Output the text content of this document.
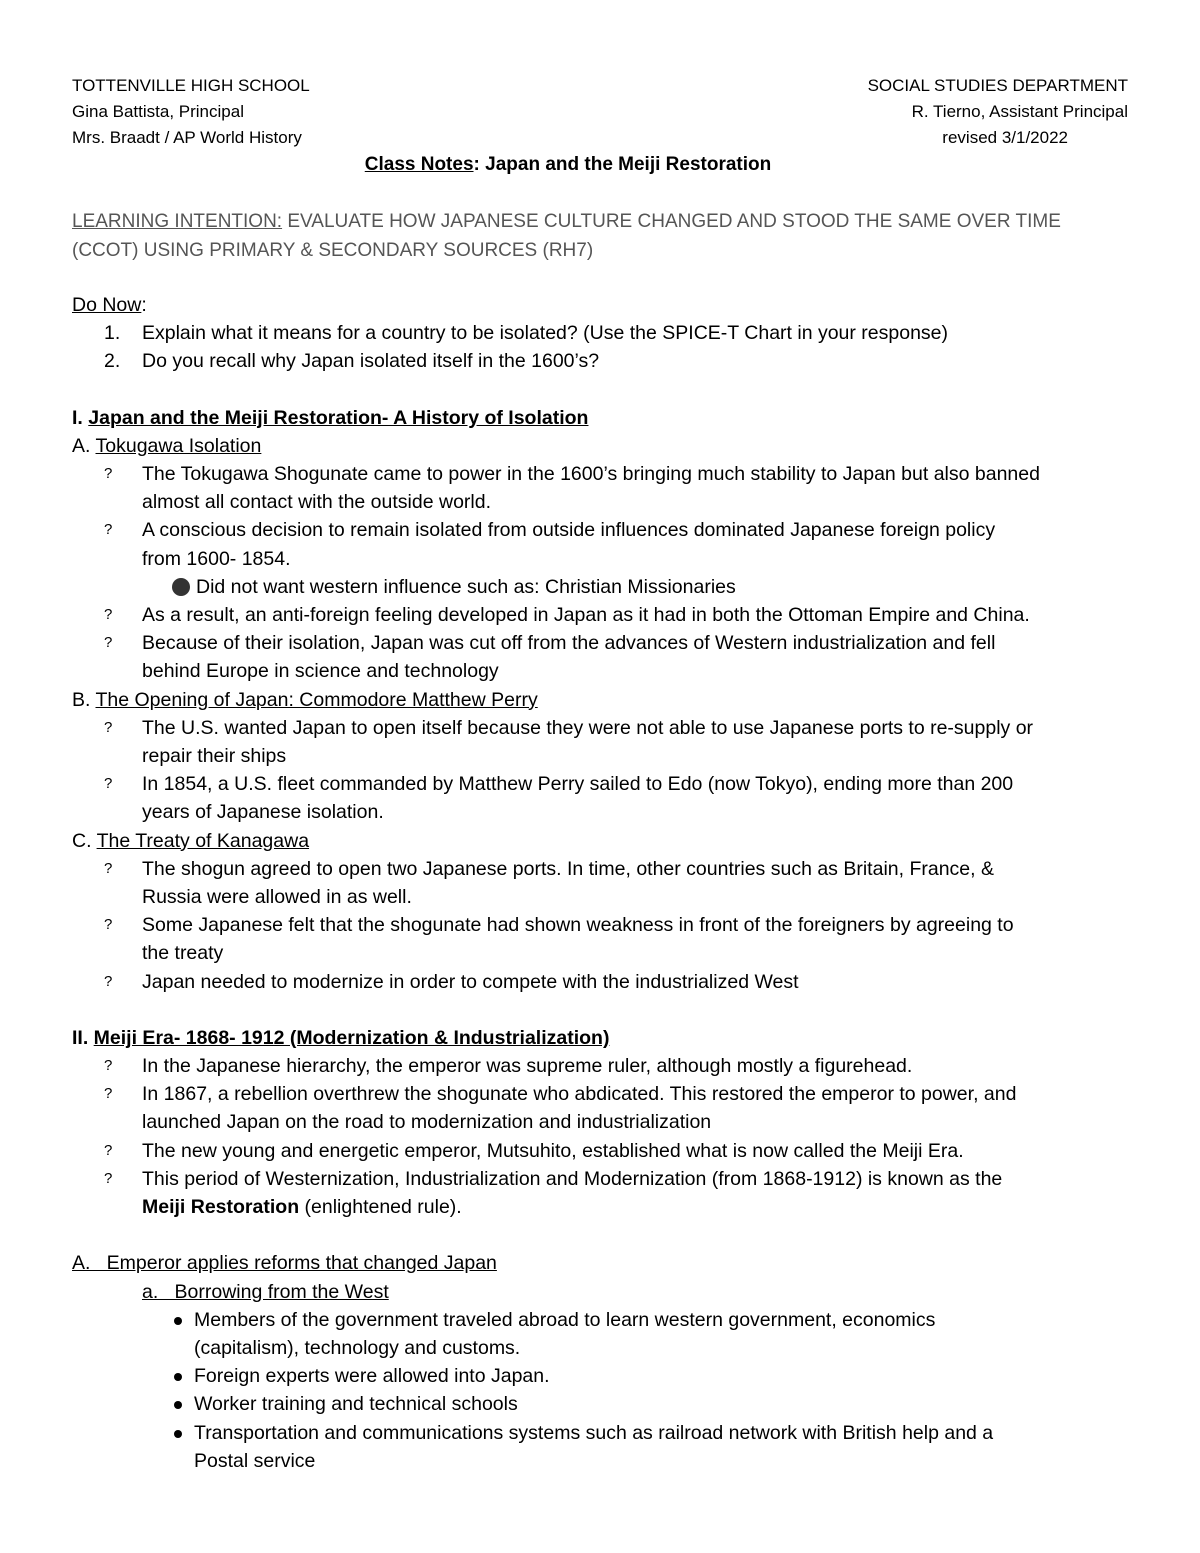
TOTTENVILLE HIGH SCHOOL
Gina Battista, Principal
Mrs. Braadt / AP World History
SOCIAL STUDIES DEPARTMENT
R. Tierno, Assistant Principal
revised 3/1/2022
Class Notes: Japan and the Meiji Restoration
LEARNING INTENTION: EVALUATE HOW JAPANESE CULTURE CHANGED AND STOOD THE SAME OVER TIME
(CCOT) USING PRIMARY & SECONDARY SOURCES (RH7)
Do Now:
1.	Explain what it means for a country to be isolated? (Use the SPICE-T Chart in your response)
2.	Do you recall why Japan isolated itself in the 1600’s?
I. Japan and the Meiji Restoration- A History of Isolation
A. Tokugawa Isolation
?	The Tokugawa Shogunate came to power in the 1600’s bringing much stability to Japan but also banned
almost all contact with the outside world.
?	A conscious decision to remain isolated from outside influences dominated Japanese foreign policy
from 1600- 1854.
Did not want western influence such as: Christian Missionaries
?	As a result, an anti-foreign feeling developed in Japan as it had in both the Ottoman Empire and China.
?	Because of their isolation, Japan was cut off from the advances of Western industrialization and fell
behind Europe in science and technology
B. The Opening of Japan: Commodore Matthew Perry
?	The U.S. wanted Japan to open itself because they were not able to use Japanese ports to re-supply or
repair their ships
?	In 1854, a U.S. fleet commanded by Matthew Perry sailed to Edo (now Tokyo), ending more than 200
years of Japanese isolation.
C. The Treaty of Kanagawa
?	The shogun agreed to open two Japanese ports. In time, other countries such as Britain, France, &
Russia were allowed in as well.
?	Some Japanese felt that the shogunate had shown weakness in front of the foreigners by agreeing to
the treaty
?	Japan needed to modernize in order to compete with the industrialized West
II. Meiji Era- 1868- 1912 (Modernization & Industrialization)
?	In the Japanese hierarchy, the emperor was supreme ruler, although mostly a figurehead.
?	In 1867, a rebellion overthrew the shogunate who abdicated. This restored the emperor to power, and
launched Japan on the road to modernization and industrialization
?	The new young and energetic emperor, Mutsuhito, established what is now called the Meiji Era.
?	This period of Westernization, Industrialization and Modernization (from 1868-1912) is known as the
Meiji Restoration (enlightened rule).
A.   Emperor applies reforms that changed Japan
a.   Borrowing from the West
Members of the government traveled abroad to learn western government, economics
(capitalism), technology and customs.
Foreign experts were allowed into Japan.
Worker training and technical schools
Transportation and communications systems such as railroad network with British help and a
Postal service
